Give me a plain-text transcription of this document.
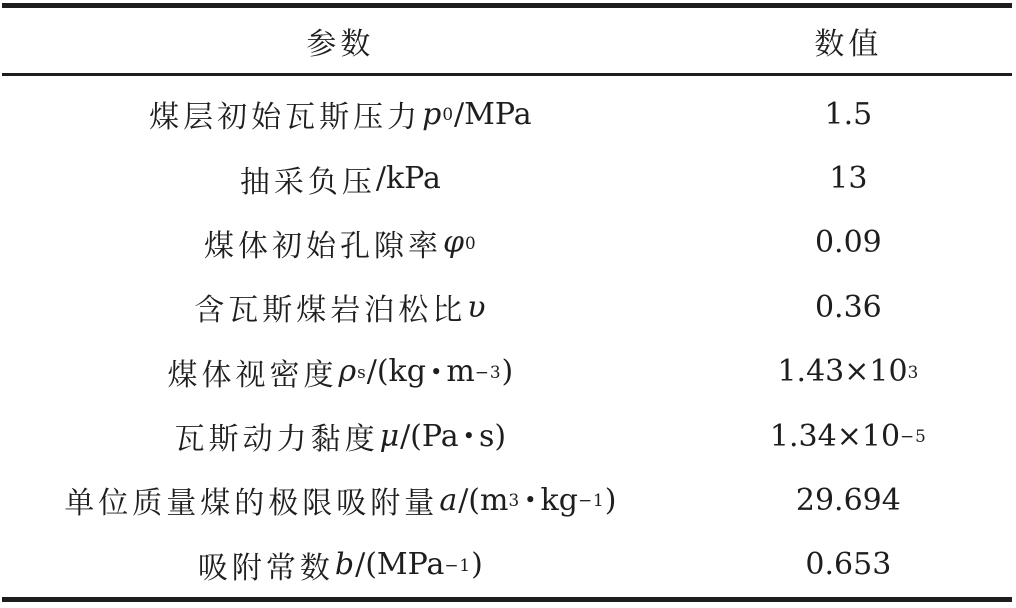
参数	数值
煤层初始瓦斯压力 p 0 /MPa	1.5
抽采负压 /kPa	13
煤体初始孔隙率 φ 0	0.09
含瓦斯煤岩泊松比 υ	0.36
煤体视密度 ρ s /(kg • m −3 )	1.43×10 3
瓦斯动力黏度 μ /(Pa • s)	1.34×10 −5
单位质量煤的极限吸附量 a /(m 3 • kg −1 )	29.694
吸附常数 b /(MPa −1 )	0.653
